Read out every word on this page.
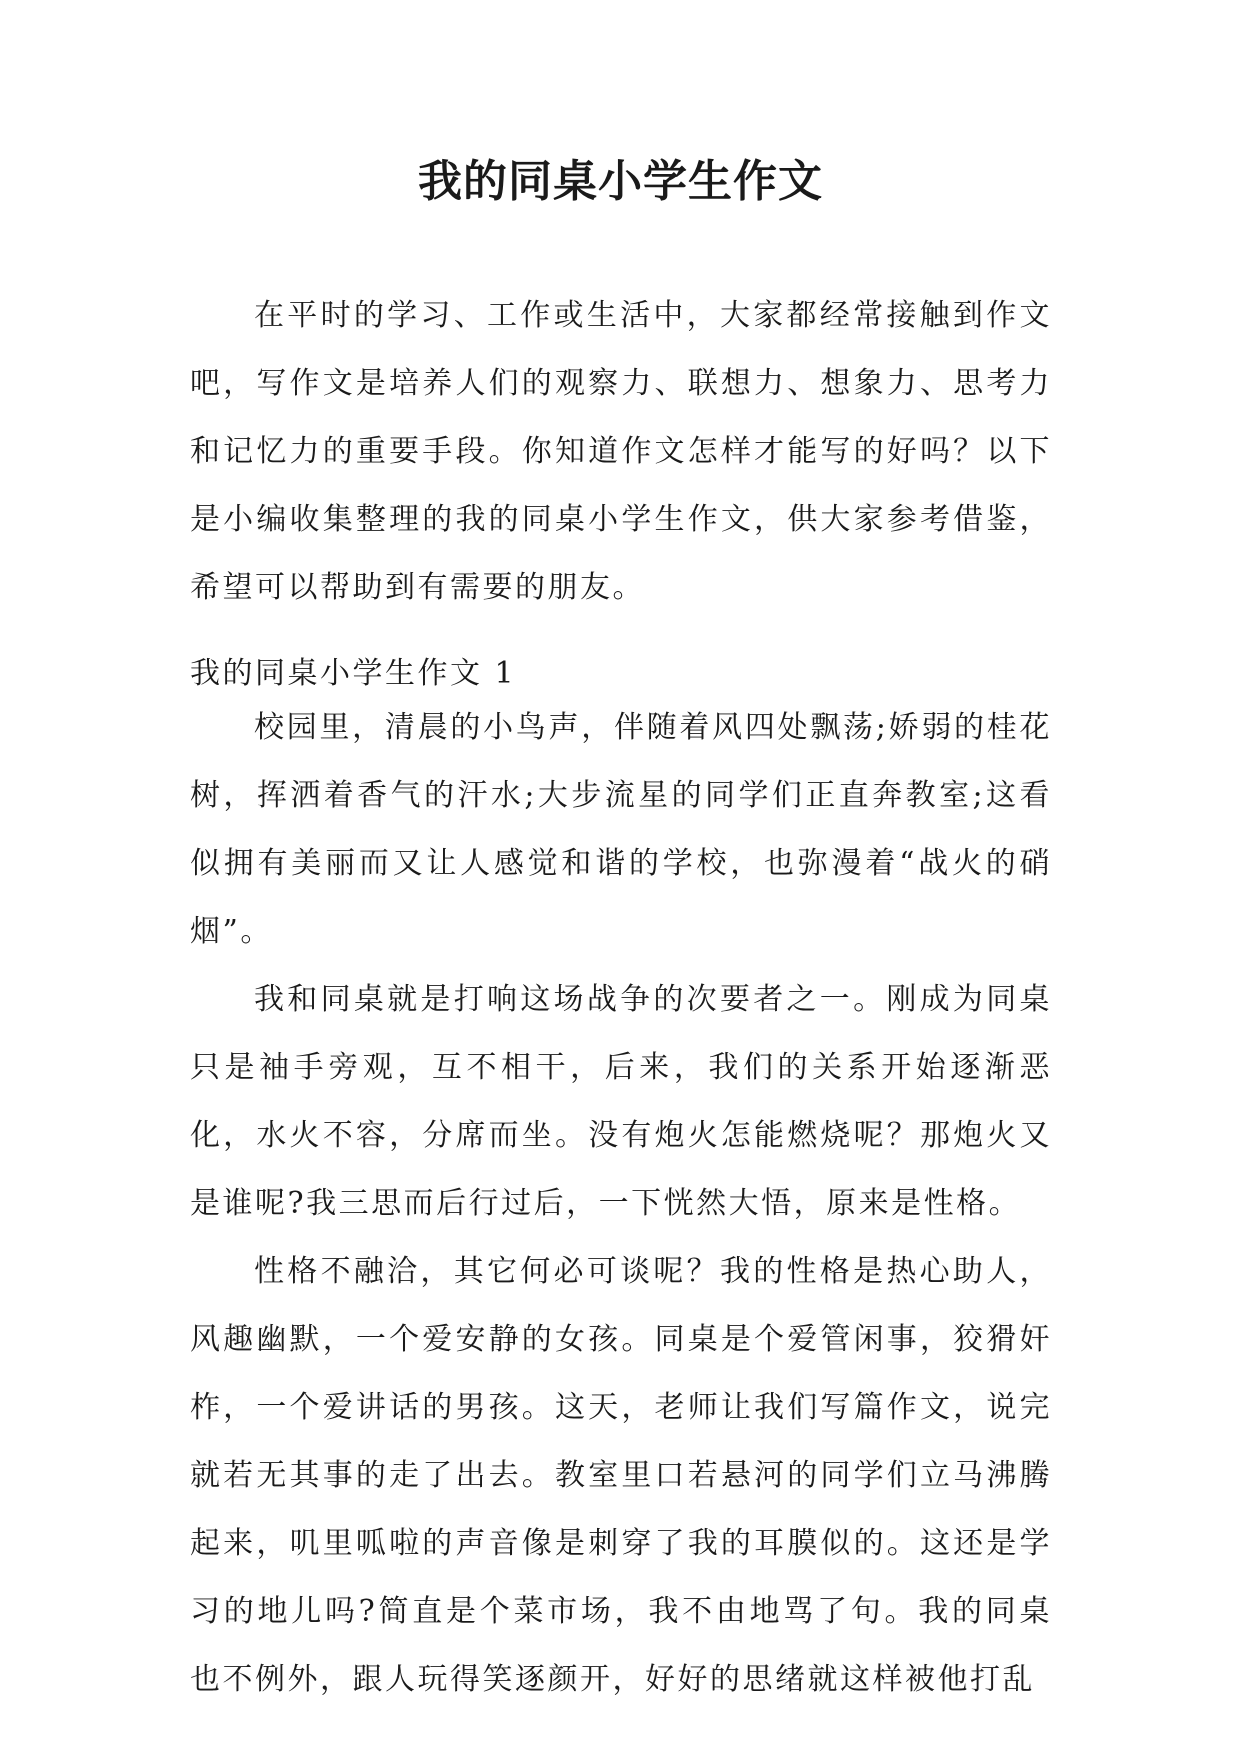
我的同桌小学生作文

在平时的学习、工作或生活中，大家都经常接触到作文吧，写作文是培养人们的观察力、联想力、想象力、思考力和记忆力的重要手段。你知道作文怎样才能写的好吗？以下是小编收集整理的我的同桌小学生作文，供大家参考借鉴，希望可以帮助到有需要的朋友。

我的同桌小学生作文 1

校园里，清晨的小鸟声，伴随着风四处飘荡;娇弱的桂花树，挥洒着香气的汗水;大步流星的同学们正直奔教室;这看似拥有美丽而又让人感觉和谐的学校，也弥漫着“战火的硝烟”。

我和同桌就是打响这场战争的次要者之一。刚成为同桌只是袖手旁观，互不相干，后来，我们的关系开始逐渐恶化，水火不容，分席而坐。没有炮火怎能燃烧呢？那炮火又是谁呢?我三思而后行过后，一下恍然大悟，原来是性格。

性格不融洽，其它何必可谈呢？我的性格是热心助人，风趣幽默，一个爱安静的女孩。同桌是个爱管闲事，狡猾奸柞，一个爱讲话的男孩。这天，老师让我们写篇作文，说完就若无其事的走了出去。教室里口若悬河的同学们立马沸腾起来，叽里呱啦的声音像是刺穿了我的耳膜似的。这还是学习的地儿吗?简直是个菜市场，我不由地骂了句。我的同桌也不例外，跟人玩得笑逐颜开，好好的思绪就这样被他打乱
